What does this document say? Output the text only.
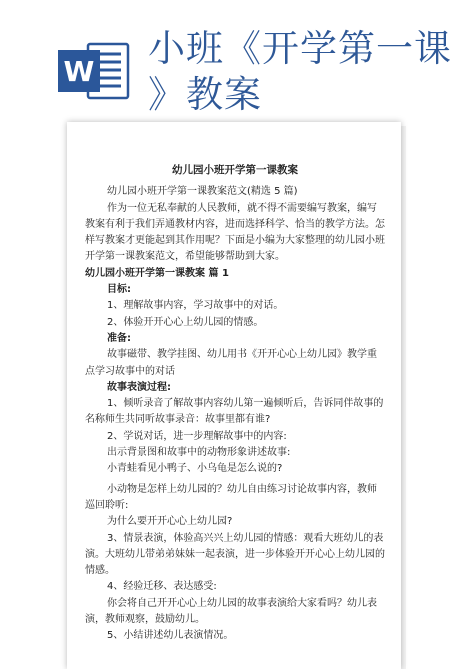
W
小班《开学第一课
》教案

幼儿园小班开学第一课教案

幼儿园小班开学第一课教案范文(精选 5 篇)

作为一位无私奉献的人民教师，就不得不需要编写教案，编写教案有利于我们弄通教材内容，进而选择科学、恰当的教学方法。怎样写教案才更能起到其作用呢？下面是小编为大家整理的幼儿园小班开学第一课教案范文，希望能够帮助到大家。

幼儿园小班开学第一课教案 篇 1

目标:

1、理解故事内容，学习故事中的对话。

2、体验开开心心上幼儿园的情感。

准备:

故事磁带、教学挂图、幼儿用书《开开心心上幼儿园》教学重点学习故事中的对话

故事表演过程:

1、倾听录音了解故事内容幼儿第一遍倾听后，告诉同伴故事的名称师生共同听故事录音：故事里都有谁?

2、学说对话，进一步理解故事中的内容:

出示背景图和故事中的动物形象讲述故事:

小青蛙看见小鸭子、小乌龟是怎么说的?

小动物是怎样上幼儿园的？幼儿自由练习讨论故事内容，教师巡回聆听:

为什么要开开心心上幼儿园?

3、情景表演，体验高兴兴上幼儿园的情感：观看大班幼儿的表演。大班幼儿带弟弟妹妹一起表演，进一步体验开开心心上幼儿园的情感。

4、经验迁移、表达感受:

你会将自己开开心心上幼儿园的故事表演给大家看吗？幼儿表演，教师观察，鼓励幼儿。

5、小结讲述幼儿表演情况。
